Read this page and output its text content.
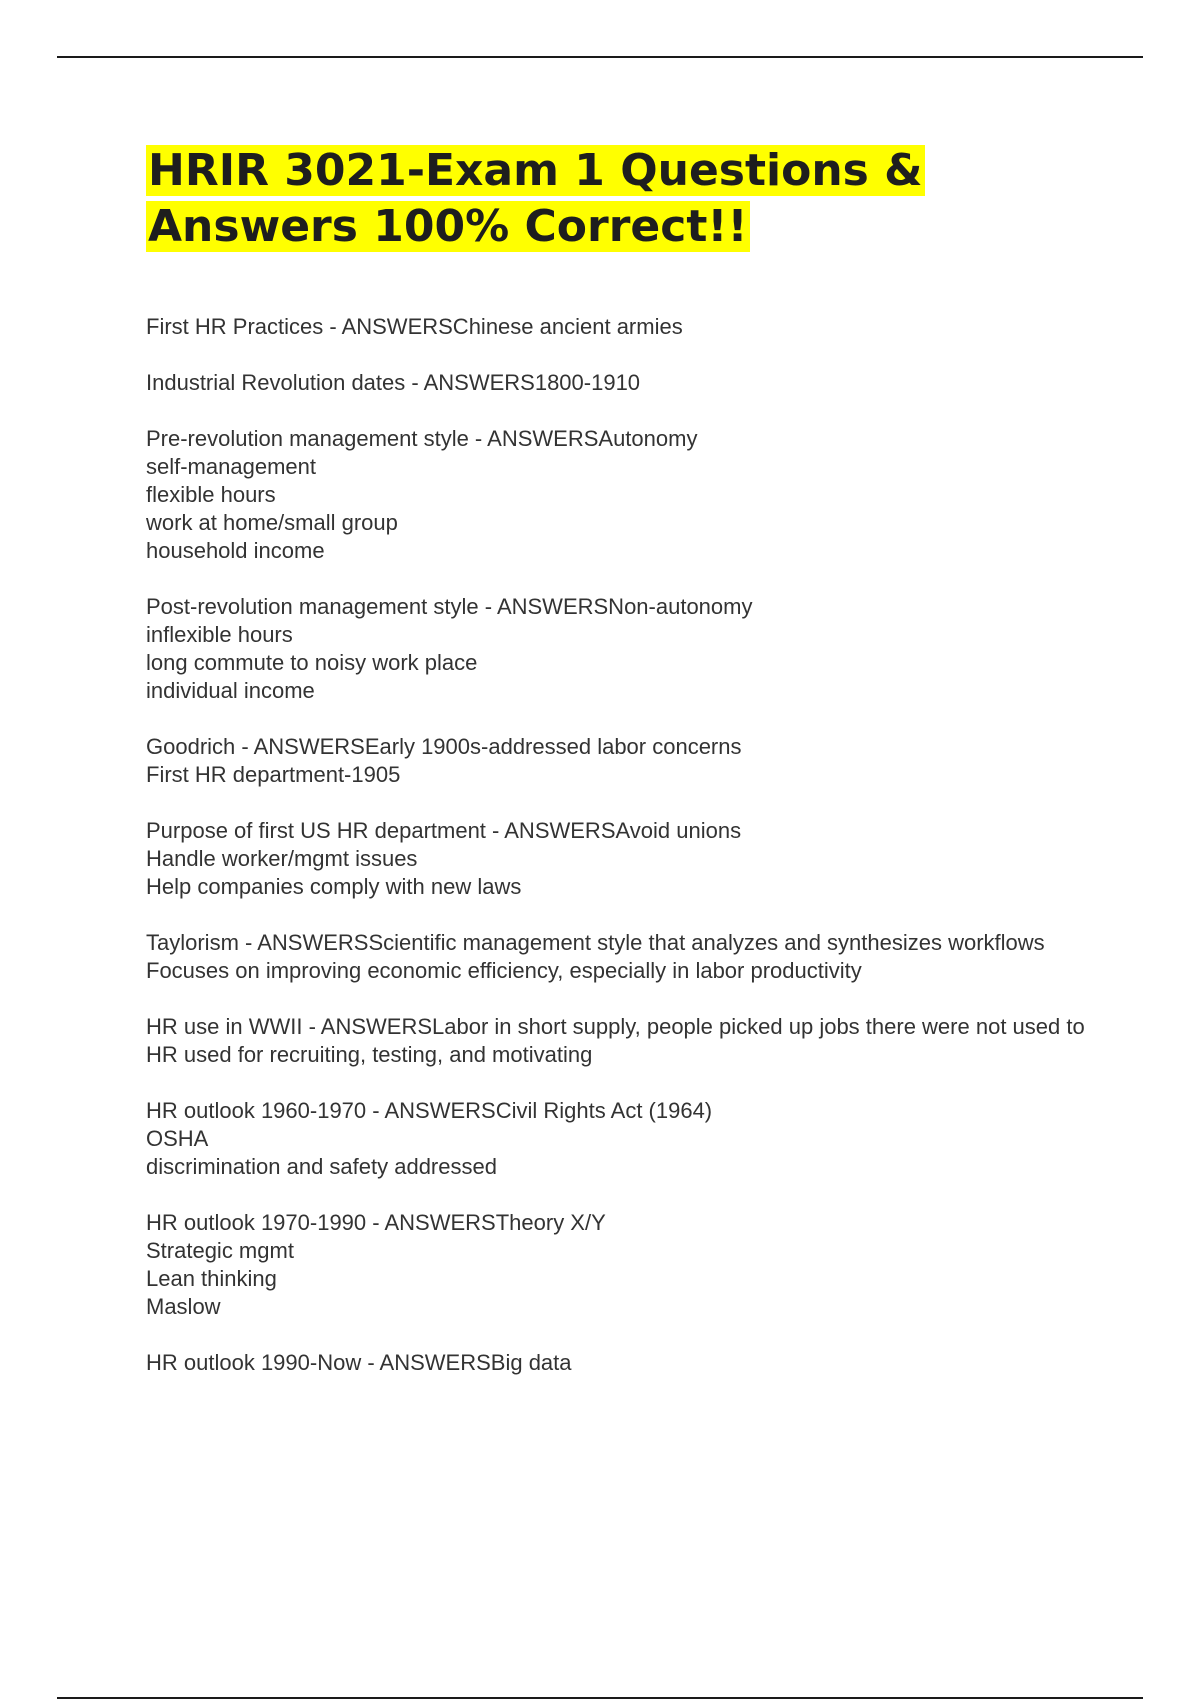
HRIR 3021-Exam 1 Questions & Answers 100% Correct!!
First HR Practices - ANSWERSChinese ancient armies
Industrial Revolution dates - ANSWERS1800-1910
Pre-revolution management style - ANSWERSAutonomy
self-management
flexible hours
work at home/small group
household income
Post-revolution management style - ANSWERSNon-autonomy
inflexible hours
long commute to noisy work place
individual income
Goodrich - ANSWERSEarly 1900s-addressed labor concerns
First HR department-1905
Purpose of first US HR department - ANSWERSAvoid unions
Handle worker/mgmt issues
Help companies comply with new laws
Taylorism - ANSWERSScientific management style that analyzes and synthesizes workflows
Focuses on improving economic efficiency, especially in labor productivity
HR use in WWII - ANSWERSLabor in short supply, people picked up jobs there were not used to
HR used for recruiting, testing, and motivating
HR outlook 1960-1970 - ANSWERSCivil Rights Act (1964)
OSHA
discrimination and safety addressed
HR outlook 1970-1990 - ANSWERSTheory X/Y
Strategic mgmt
Lean thinking
Maslow
HR outlook 1990-Now - ANSWERSBig data
